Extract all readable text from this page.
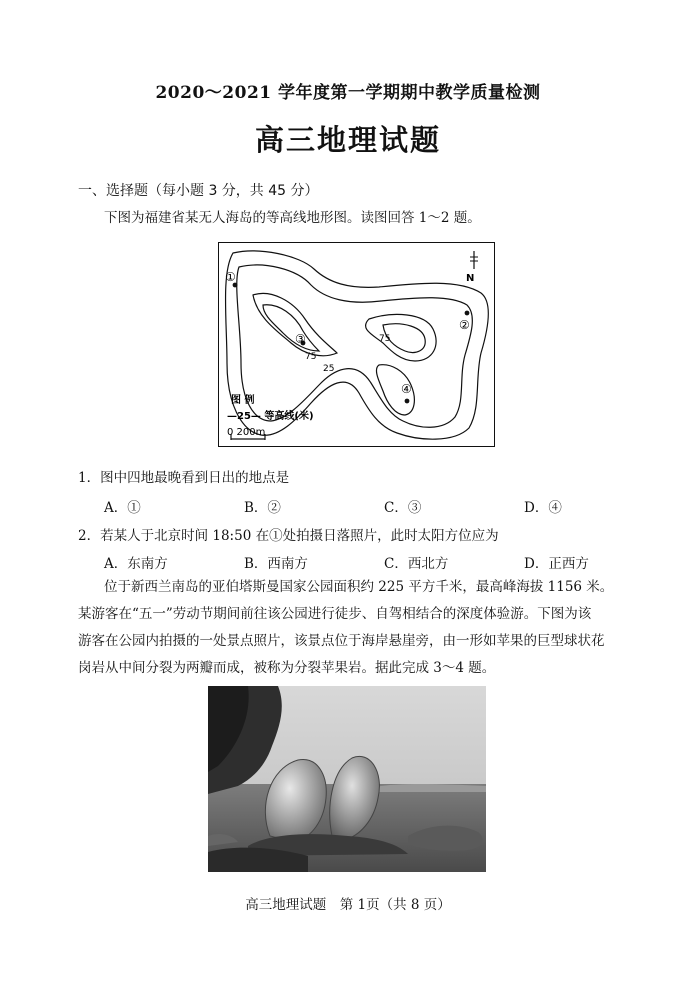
2020～2021 学年度第一学期期中教学质量检测
高三地理试题
一、选择题（每小题 3 分，共 45 分）
下图为福建省某无人海岛的等高线地形图。读图回答 1～2 题。
N
①
②
③
④
75
75
25
图 例
—25— 等高线(米)
0 200m
1．图中四地最晚看到日出的地点是
A．①	B．②	C．③	D．④
2．若某人于北京时间 18:50 在①处拍摄日落照片，此时太阳方位应为
A．东南方	B．西南方	C．西北方	D．正西方
位于新西兰南岛的亚伯塔斯曼国家公园面积约 225 平方千米，最高峰海拔 1156 米。
某游客在“五一”劳动节期间前往该公园进行徒步、自驾相结合的深度体验游。下图为该
游客在公园内拍摄的一处景点照片，该景点位于海岸悬崖旁，由一形如苹果的巨型球状花
岗岩从中间分裂为两瓣而成，被称为分裂苹果岩。据此完成 3～4 题。
高三地理试题　第 1页（共 8 页）
